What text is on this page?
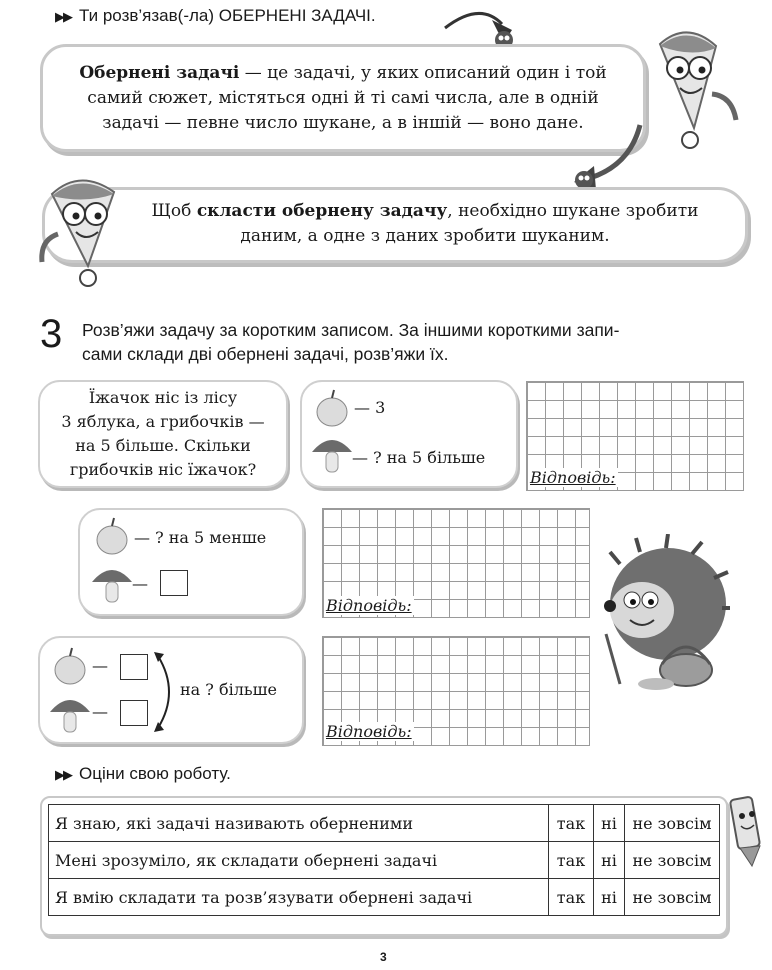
▶▶ Ти розв’язав(-ла) ОБЕРНЕНІ ЗАДАЧІ.
Обернені задачі — це задачі, у яких описаний один і той
самий сюжет, містяться одні й ті самі числа, але в одній
задачі — певне число шукане, а в іншій — воно дане.
Щоб скласти обернену задачу, необхідно шукане зробити
даним, а одне з даних зробити шуканим.
3 Розв’яжи задачу за коротким записом. За іншими короткими запи-
сами склади дві обернені задачі, розв’яжи їх.
Їжачок ніс із лісу
3 яблука, а грибочків —
на 5 більше. Скільки
грибочків ніс їжачок?
— 3
— ? на 5 більше
Відповідь:
— ? на 5 менше
—
Відповідь:
—
—
на ? більше
Відповідь:
▶▶ Оціни свою роботу.
Я знаю, які задачі називають оберненими	так	ні	не зовсім
Мені зрозуміло, як складати обернені задачі	так	ні	не зовсім
Я вмію складати та розв’язувати обернені задачі	так	ні	не зовсім
3
